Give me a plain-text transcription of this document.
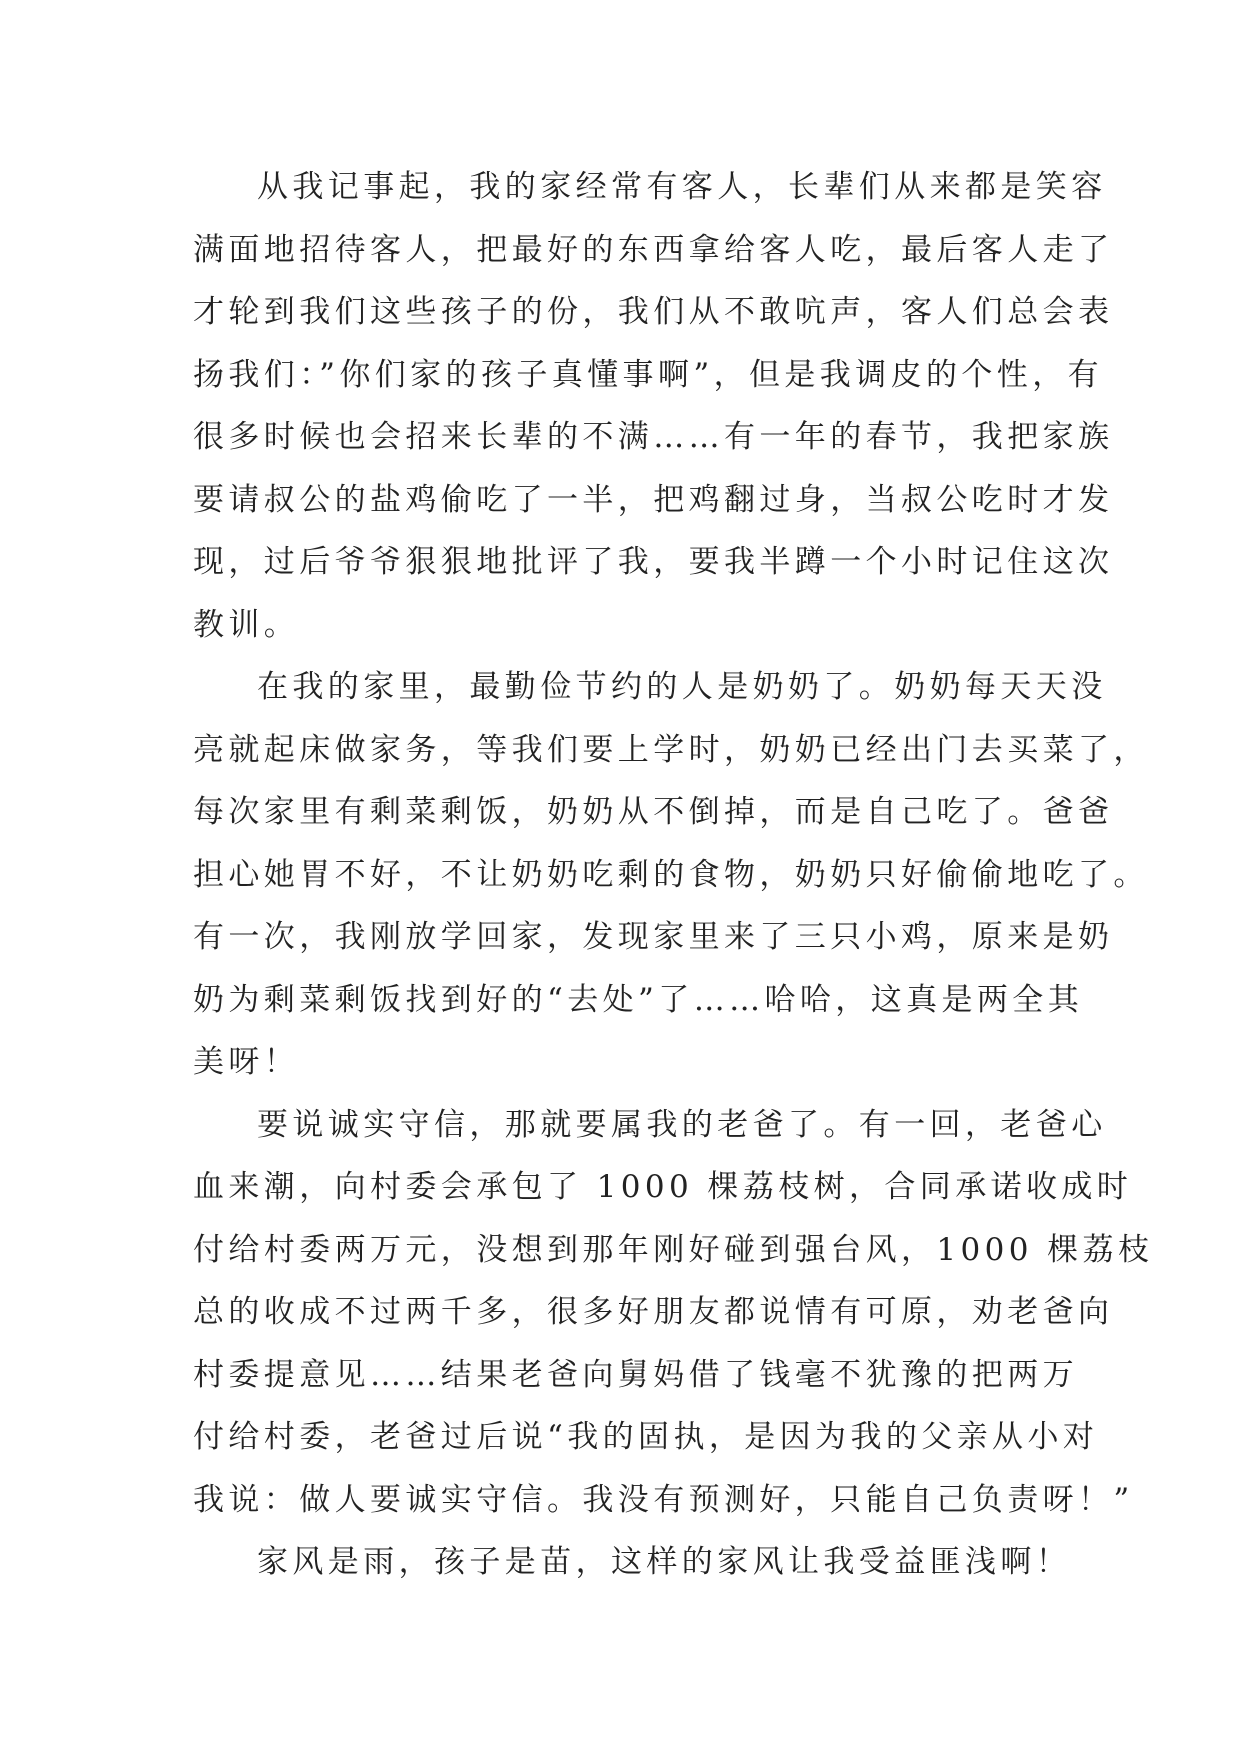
从我记事起，我的家经常有客人，长辈们从来都是笑容
满面地招待客人，把最好的东西拿给客人吃，最后客人走了
才轮到我们这些孩子的份，我们从不敢吭声，客人们总会表
扬我们：”你们家的孩子真懂事啊”，但是我调皮的个性，有
很多时候也会招来长辈的不满……有一年的春节，我把家族
要请叔公的盐鸡偷吃了一半，把鸡翻过身，当叔公吃时才发
现，过后爷爷狠狠地批评了我，要我半蹲一个小时记住这次
教训。
在我的家里，最勤俭节约的人是奶奶了。奶奶每天天没
亮就起床做家务，等我们要上学时，奶奶已经出门去买菜了，
每次家里有剩菜剩饭，奶奶从不倒掉，而是自己吃了。爸爸
担心她胃不好，不让奶奶吃剩的食物，奶奶只好偷偷地吃了。
有一次，我刚放学回家，发现家里来了三只小鸡，原来是奶
奶为剩菜剩饭找到好的“去处”了……哈哈，这真是两全其
美呀！
要说诚实守信，那就要属我的老爸了。有一回，老爸心
血来潮，向村委会承包了 1000 棵荔枝树，合同承诺收成时
付给村委两万元，没想到那年刚好碰到强台风，1000 棵荔枝
总的收成不过两千多，很多好朋友都说情有可原，劝老爸向
村委提意见……结果老爸向舅妈借了钱毫不犹豫的把两万
付给村委，老爸过后说“我的固执，是因为我的父亲从小对
我说：做人要诚实守信。我没有预测好，只能自己负责呀！”
家风是雨，孩子是苗，这样的家风让我受益匪浅啊！
